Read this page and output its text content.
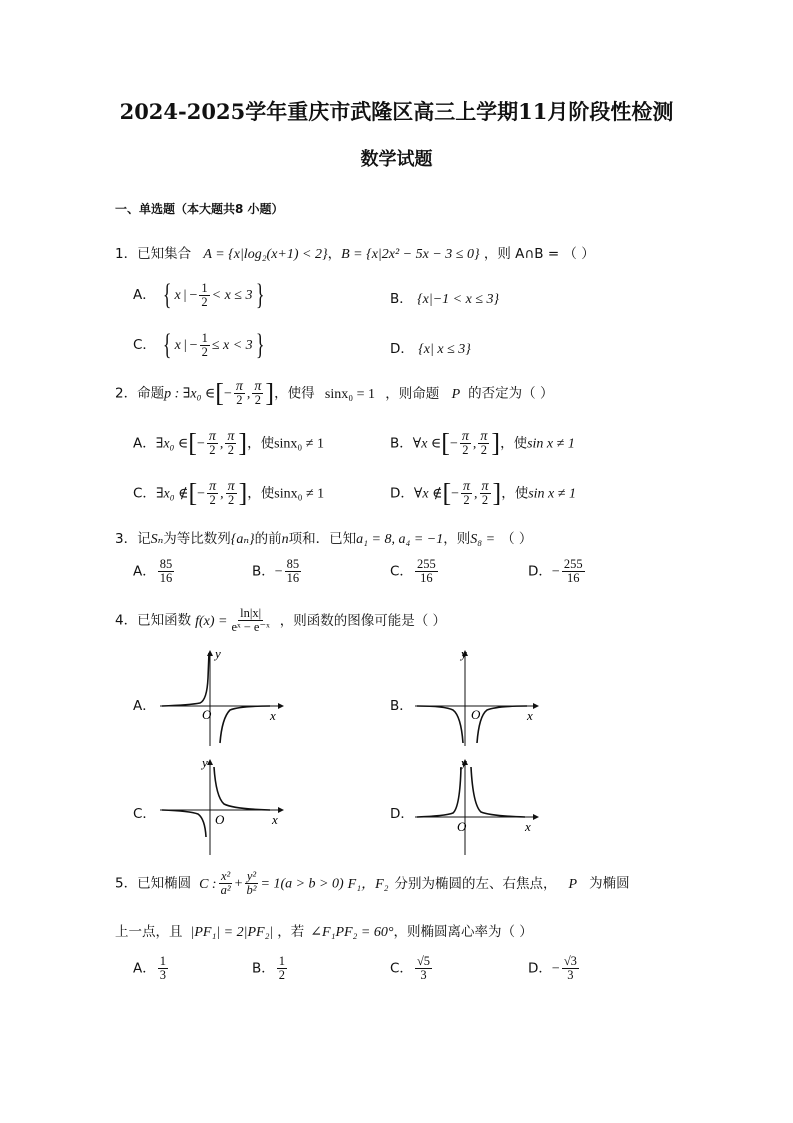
2024-2025学年重庆市武隆区高三上学期11月阶段性检测
数学试题
一、单选题（本大题共8 小题）
1．已知集合 A = {x|log₂(x+1) < 2}，B = {x|2x² − 5x − 3 ≤ 0} ，则 A∩B = （ ）
A． { x | − $\frac{1}{2} < x \le 3$}	B． {x|−1 < x ≤ 3}
C． { x | − $\frac{1}{2} \le x < 3$}	D． {x| x ≤ 3}
2．命题p : ∃x₀ ∈[− $\frac{\pi}{2}$ , $\frac{\pi}{2}$ ]，使得 sinx₀ = 1 ，则命题 P 的否定为（ ）
A．∃x₀ ∈[− $\frac{\pi}{2}$ , $\frac{\pi}{2}$ ]，使sinx₀ ≠ 1	B．∀x ∈[− $\frac{\pi}{2}$ , $\frac{\pi}{2}$ ]，使sin x ≠ 1
C．∃x₀ ∉[− $\frac{\pi}{2}$ , $\frac{\pi}{2}$ ]，使sinx₀ ≠ 1	D．∀x ∉[− $\frac{\pi}{2}$ , $\frac{\pi}{2}$ ]，使sin x ≠ 1
3．记Sₙ为等比数列{aₙ}的前n项和．已知a₁ = 8, a₄ = −1，则S₈ = （ ）
A． $\frac{85}{16}$	B．− $\frac{85}{16}$	C． $\frac{255}{16}$	D．− $\frac{255}{16}$
4．已知函数 $f(x) = \frac{\ln|x|}{\text{eˣ − e⁻ˣ}}$ ，则函数的图像可能是（ ）
A．
y
x
O
B．
y
x
O
C．
y
x
O	D．
y
x
O
5．已知椭圆 C : $\frac{\text{x²}}{\text{a²}} + \frac{\text{y²}}{\text{b²}} = 1(a > b > 0)$ F₁，F₂ 分别为椭圆的左、右焦点， P 为椭圆
上一点，且 |PF₁| = 2|PF₂| ，若 ∠F₁PF₂ = 60°，则椭圆离心率为（ ）
A． $\frac{1}{3}$	B． $\frac{1}{2}$	C． $\frac{√5}{3}$	D．− $\frac{√3}{3}$
